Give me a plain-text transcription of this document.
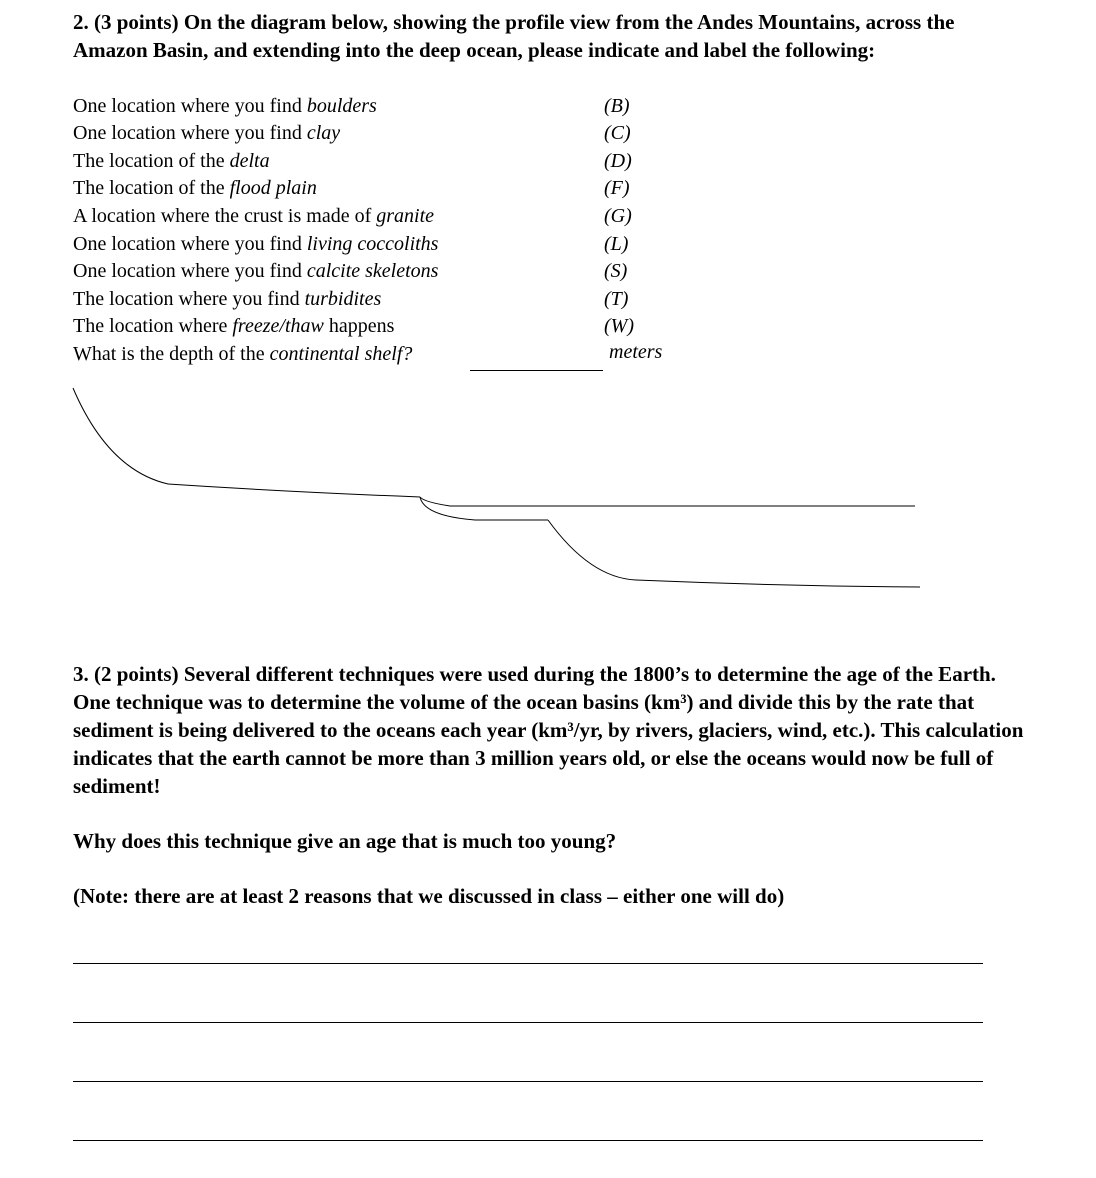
2. (3 points) On the diagram below, showing the profile view from the Andes Mountains, across the Amazon Basin, and extending into the deep ocean, please indicate and label the following:

One location where you find boulders
One location where you find clay
The location of the delta
The location of the flood plain
A location where the crust is made of granite
One location where you find living coccoliths
One location where you find calcite skeletons
The location where you find turbidites
The location where freeze/thaw happens
What is the depth of the continental shelf?
(B)
(C)
(D)
(F)
(G)
(L)
(S)
(T)
(W)
meters

3. (2 points) Several different techniques were used during the 1800’s to determine the age of the Earth. One technique was to determine the volume of the ocean basins (km³) and divide this by the rate that sediment is being delivered to the oceans each year (km³/yr, by rivers, glaciers, wind, etc.). This calculation indicates that the earth cannot be more than 3 million years old, or else the oceans would now be full of sediment!

Why does this technique give an age that is much too young?
(Note: there are at least 2 reasons that we discussed in class – either one will do)
